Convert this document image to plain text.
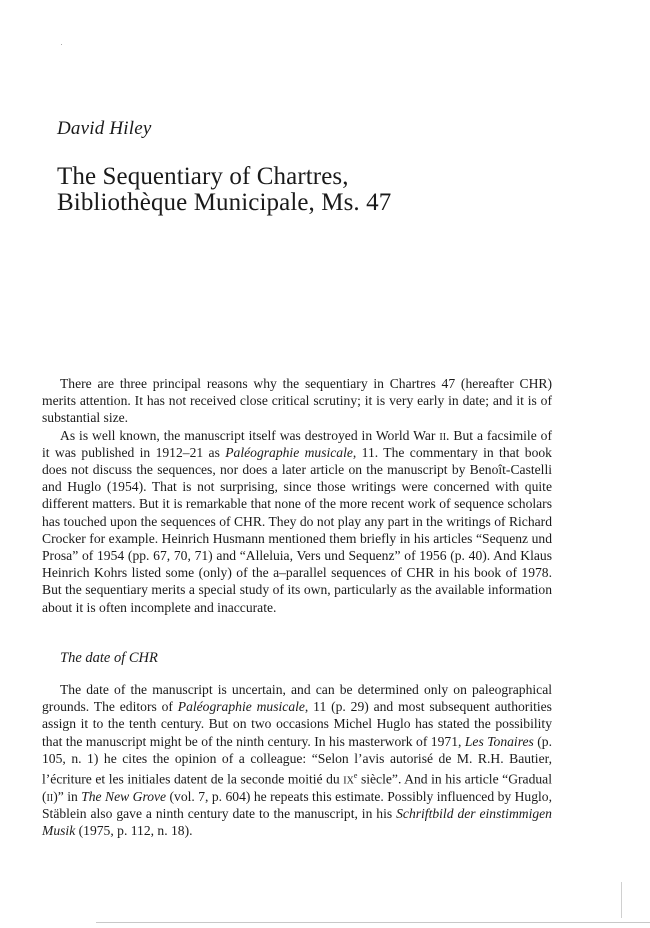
David Hiley
The Sequentiary of Chartres,
Bibliothèque Municipale, Ms. 47

There are three principal reasons why the sequentiary in Chartres 47 (hereafter CHR) merits attention. It has not received close critical scrutiny; it is very early in date; and it is of substantial size.

As is well known, the manuscript itself was destroyed in World War ii. But a facsimile of it was published in 1912–21 as Paléographie musicale, 11. The commentary in that book does not discuss the sequences, nor does a later article on the manuscript by Benoît-Castelli and Huglo (1954). That is not surprising, since those writings were concerned with quite different matters. But it is remarkable that none of the more recent work of sequence scholars has touched upon the sequences of CHR. They do not play any part in the writings of Richard Crocker for example. Heinrich Husmann mentioned them briefly in his articles “Sequenz und Prosa” of 1954 (pp. 67, 70, 71) and “Alleluia, Vers und Sequenz” of 1956 (p. 40). And Klaus Heinrich Kohrs listed some (only) of the a–parallel sequences of CHR in his book of 1978. But the sequentiary merits a special study of its own, particularly as the available information about it is often incomplete and inaccurate.

The date of CHR

The date of the manuscript is uncertain, and can be determined only on paleographical grounds. The editors of Paléographie musicale, 11 (p. 29) and most subsequent authorities assign it to the tenth century. But on two occasions Michel Huglo has stated the possibility that the manuscript might be of the ninth century. In his masterwork of 1971, Les Tonaires (p. 105, n. 1) he cites the opinion of a colleague: “Selon l’avis autorisé de M. R.H. Bautier, l’écriture et les initiales datent de la seconde moitié du $ix^e$ siècle”. And in his article “Gradual (ii)” in The New Grove (vol. 7, p. 604) he repeats this estimate. Possibly influenced by Huglo, Stäblein also gave a ninth century date to the manuscript, in his Schriftbild der einstimmigen Musik (1975, p. 112, n. 18).
